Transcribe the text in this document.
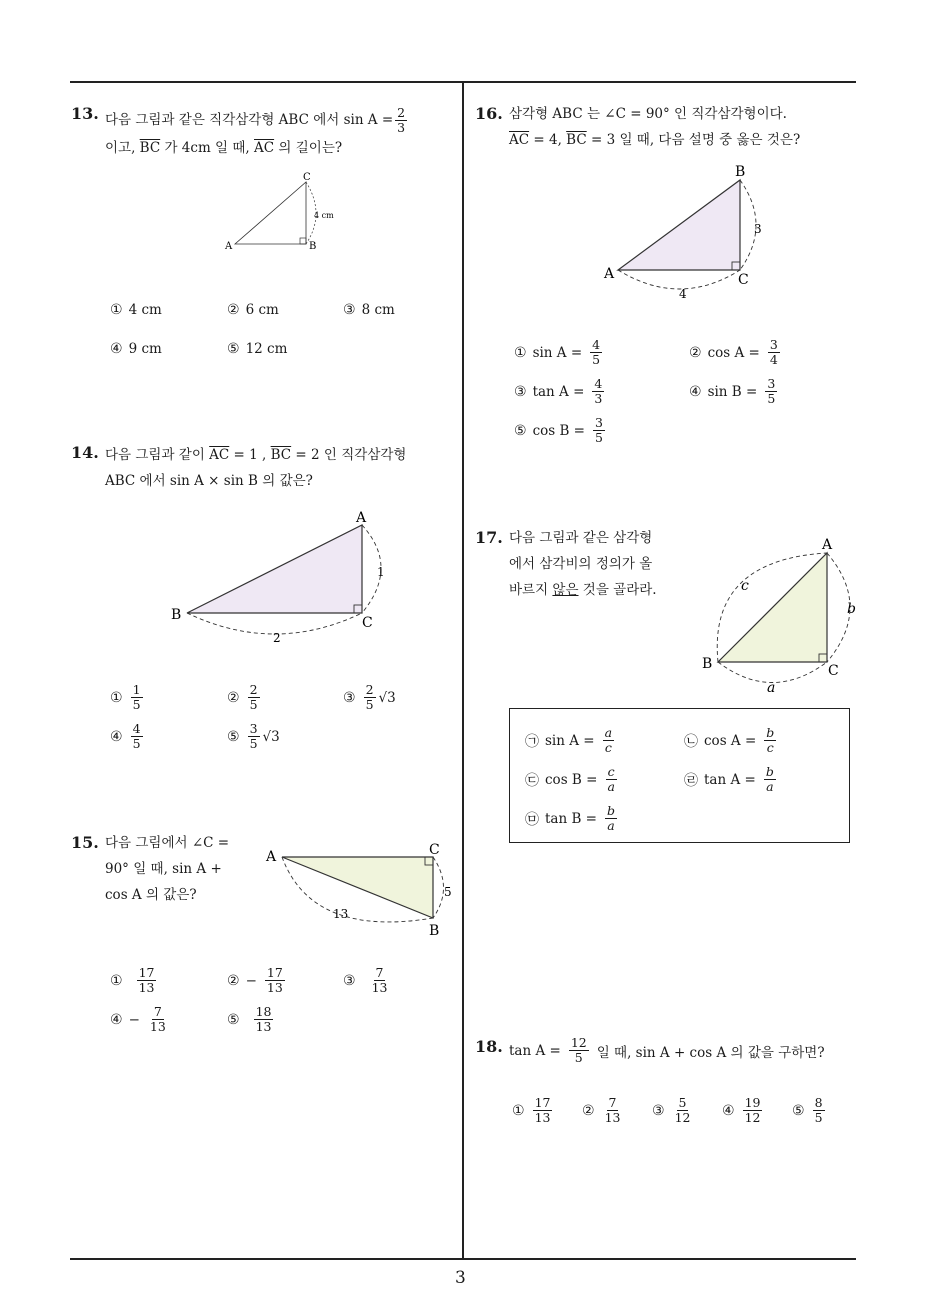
3
13. 다음 그림과 같은 직각삼각형 ABC 에서 $\sin A = \frac{2}{3}$
이고, $\overline{BC}$ 가 4cm 일 때, $\overline{AC}$ 의 길이는?
C
A	B
4 cm
① 4 cm	② 6 cm	③ 8 cm
④ 9 cm	⑤ 12 cm
14. 다음 그림과 같이 $\overline{AC} = 1$ , $\overline{BC} = 2$ 인 직각삼각형
ABC 에서 sin A × sin B 의 값은?
A
B	C
1
2
① $\frac{1}{5}$	② $\frac{2}{5}$	③ $\frac{2}{5} √3$
④ $\frac{4}{5}$	⑤ $\frac{3}{5} √3$
15. 다음 그림에서 ∠C =
90° 일 때, sin A +
cos A 의 값은?
A	C
B
5
13
① $\frac{17}{13}$	② − $\frac{17}{13}$	③ $\frac{7}{13}$
④ − $\frac{7}{13}$	⑤ $\frac{18}{13}$
16. 삼각형 ABC 는 ∠C = 90° 인 직각삼각형이다.
$\overline{AC} = 4$, $\overline{BC} = 3$ 일 때, 다음 설명 중 옳은 것은?
B
A	C
3
4
① $\sin A = \frac{4}{5}$	② $\cos A = \frac{3}{4}$
③ $\tan A = \frac{4}{3}$	④ $\sin B = \frac{3}{5}$
⑤ $\cos B = \frac{3}{5}$
17. 다음 그림과 같은 삼각형
에서 삼각비의 정의가 올
바르지 않은 것을 골라라.
A
B	C
c
b
a
㉠ $\sin A = \frac{a}{c}$	㉡ $\cos A = \frac{b}{c}$
㉢ $\cos B = \frac{c}{a}$	㉣ $\tan A = \frac{b}{a}$
㉤ $\tan B = \frac{b}{a}$
18. $\tan A = \frac{12}{5}$ 일 때, sin A + cos A 의 값을 구하면?
① $\frac{17}{13}$ ② $\frac{7}{13}$ ③ $\frac{5}{12}$ ④ $\frac{19}{12}$ ⑤ $\frac{8}{5}$
